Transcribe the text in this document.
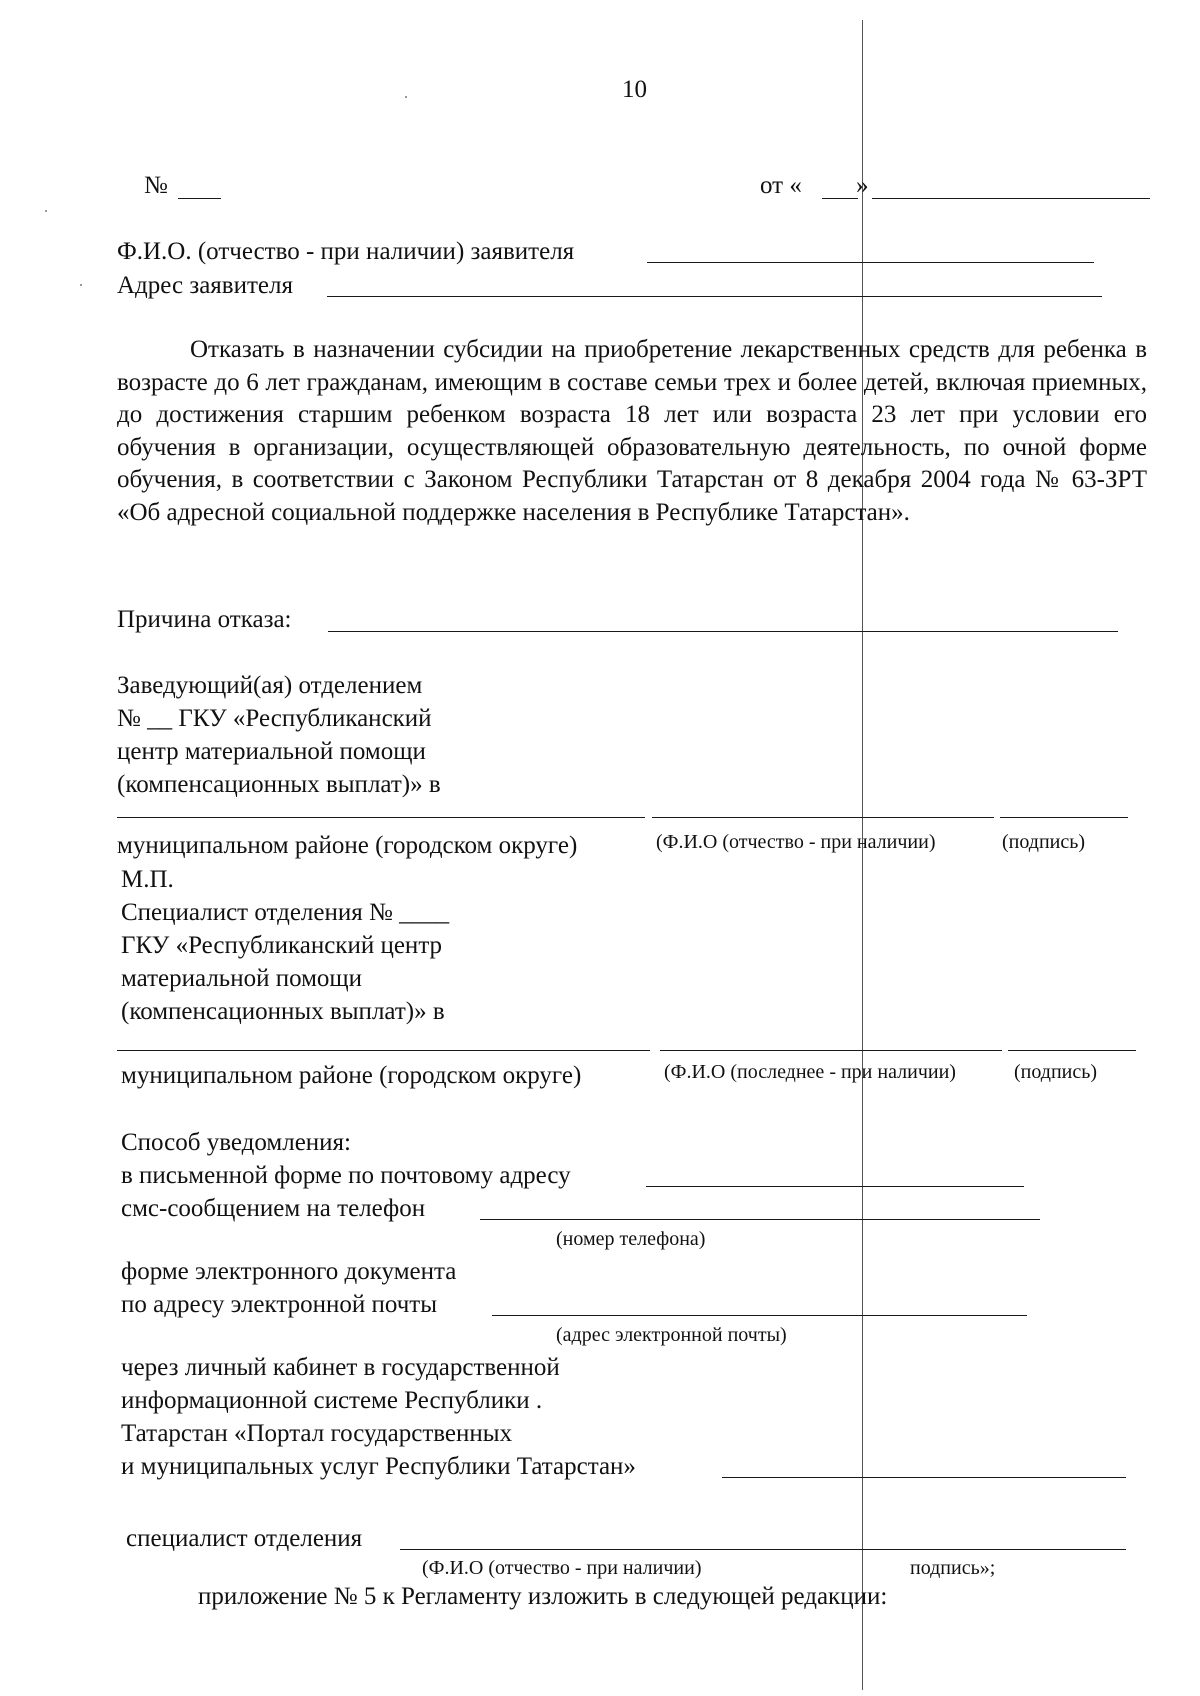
10
№	от « »
Ф.И.О. (отчество - при наличии) заявителя
Адрес заявителя
Отказать в назначении субсидии на приобретение лекарственных средств для ребенка в возрасте до 6 лет гражданам, имеющим в составе семьи трех и более детей, включая приемных, до достижения старшим ребенком возраста 18 лет или возраста 23 лет при условии его обучения в организации, осуществляющей образовательную деятельность, по очной форме обучения, в соответствии с Законом Республики Татарстан от 8 декабря 2004 года № 63-ЗРТ «Об адресной социальной поддержке населения в Республике Татарстан».
Причина отказа:
Заведующий(ая) отделением
№ __ ГКУ «Республиканский
центр материальной помощи
(компенсационных выплат)» в
муниципальном районе (городском округе)	(Ф.И.О (отчество - при наличии)	(подпись)
М.П.
Специалист отделения № ____
ГКУ «Республиканский центр
материальной помощи
(компенсационных выплат)» в
муниципальном районе (городском округе)	(Ф.И.О (последнее - при наличии)	(подпись)
Способ уведомления:
в письменной форме по почтовому адресу
смс-сообщением на телефон
(номер телефона)
форме электронного документа
по адресу электронной почты
(адрес электронной почты)
через личный кабинет в государственной
информационной системе Республики .
Татарстан «Портал государственных
и муниципальных услуг Республики Татарстан»
специалист отделения
(Ф.И.О (отчество - при наличии)	подпись»;
приложение № 5 к Регламенту изложить в следующей редакции:
